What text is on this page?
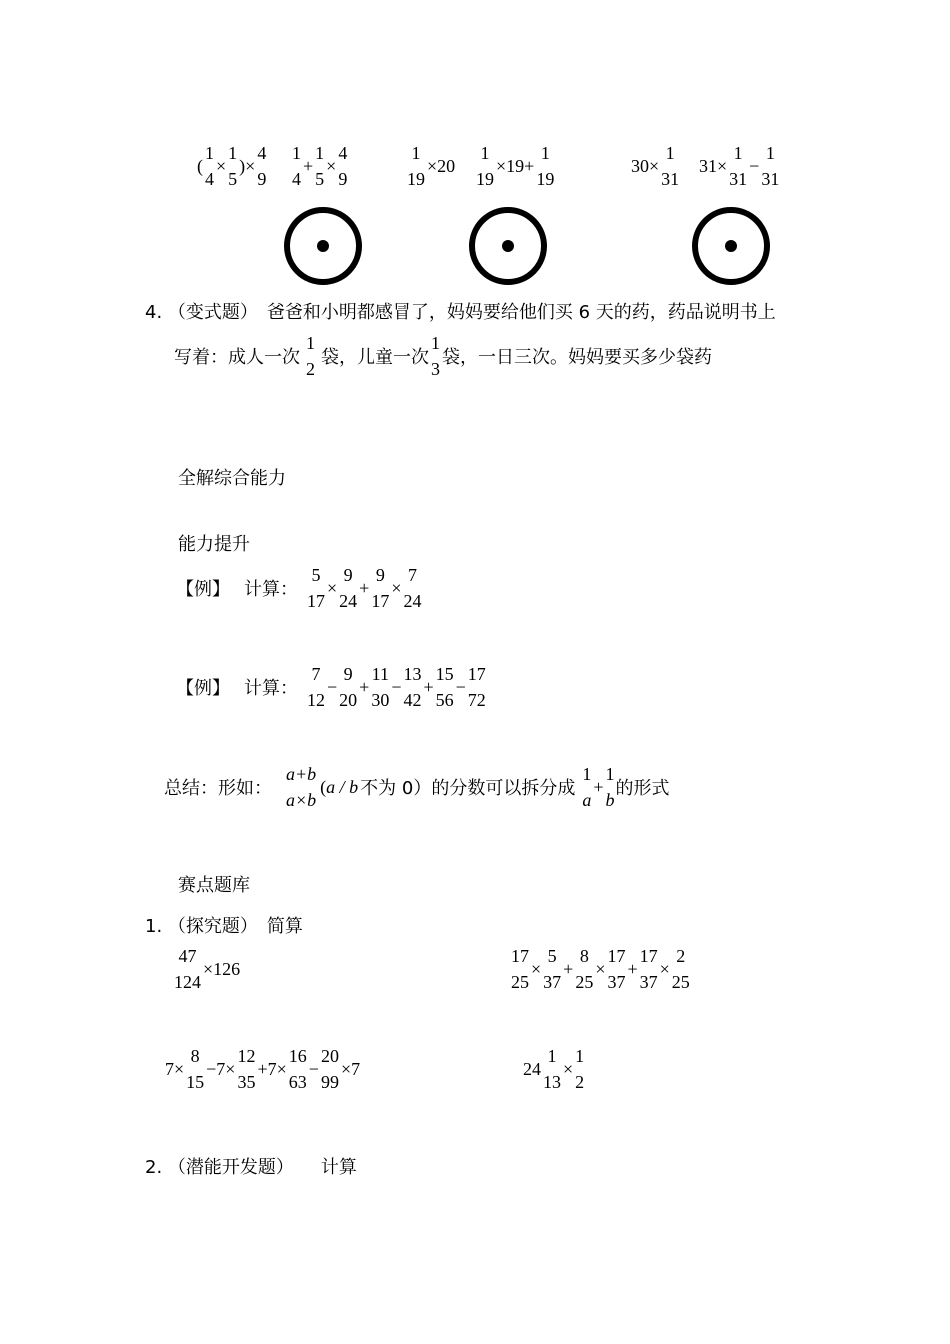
(
1
4
×
1
5
)×
4
9
1
4
+
1
5
×
4
9
1
19
×20
1
19
×19+
1
19
30×
1
31
31×
1
31
−
1
31
4. （变式题）　爸爸和小明都感冒了，妈妈要给他们买 6 天的药，药品说明书上
写着：成人一次
1
2
袋，儿童一次
1
3
袋，一日三次。妈妈要买多少袋药
全解综合能力
能力提升
【例】 计算：
5
17
×
9
24
+
9
17
×
7
24
【例】 计算：
7
12
−
9
20
+
11
30
−
13
42
+
15
56
−
17
72
总结：形如：
a+b
a×b
( a / b 不为 0）的分数可以拆分成
1
a
+
1
b
的形式
赛点题库
1. （探究题）　简算
47
124
×126
17
25
×
5
37
+
8
25
×
17
37
+
17
37
×
2
25
7×
8
15
−7×
12
35
+7×
16
63
−
20
99
×7	24
1
13
×
1
2
2. （潜能开发题）　　计算
